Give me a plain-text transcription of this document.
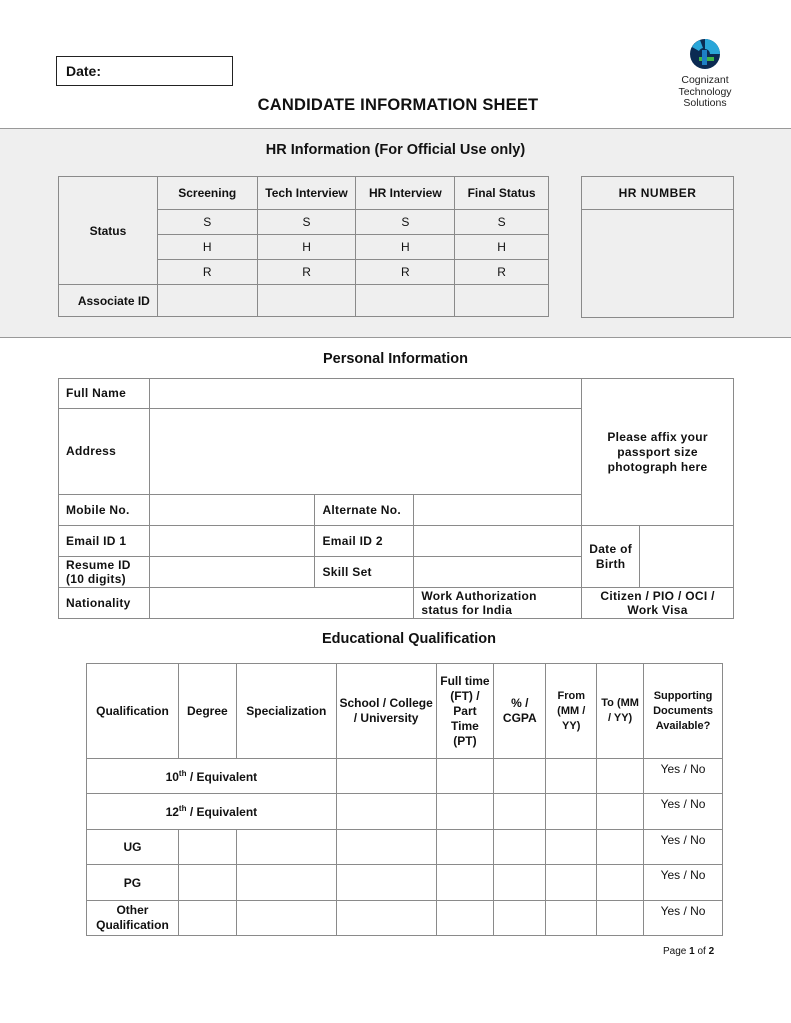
Date:
CANDIDATE INFORMATION SHEET
Cognizant
Technology
Solutions
HR Information (For Official Use only)
Status	Screening	Tech Interview	HR Interview	Final Status
	S	S	S	S
	H	H	H	H
	R	R	R	R
Associate ID				
HR NUMBER

Personal Information
Full Name				Please affix your passport size photograph here	
Address					
Mobile No.		Alternate No.			
Email ID 1		Email ID 2		Date of Birth	
Resume ID (10 digits)		Skill Set			
Nationality			Work Authorization status for India	Citizen / PIO / OCI / Work Visa	
Educational Qualification
Qualification	Degree	Specialization	School / College / University	Full time (FT) / Part Time (PT)	% / CGPA	From (MM / YY)	To (MM / YY)	Supporting Documents Available?
10th / Equivalent								Yes / No
12th / Equivalent								Yes / No
UG								Yes / No
PG								Yes / No
Other Qualification								Yes / No
Page 1 of 2
